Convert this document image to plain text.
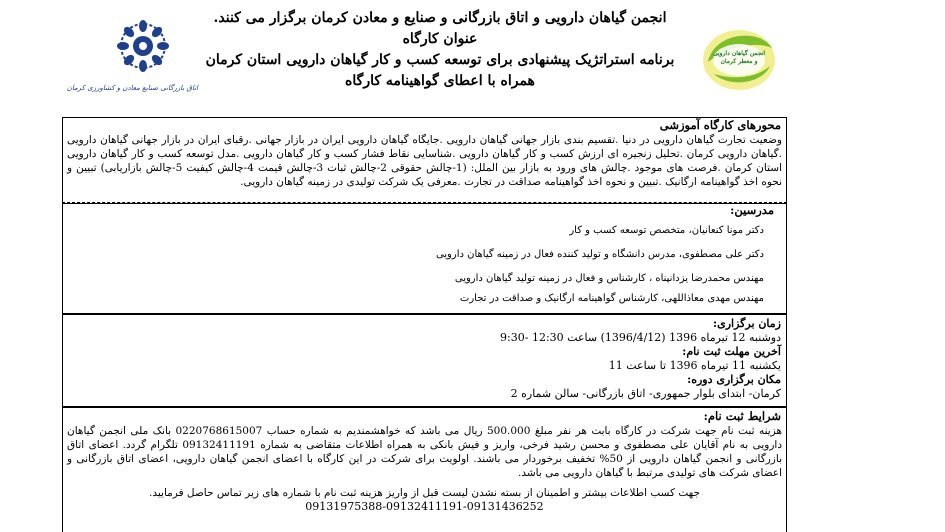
اتاق بازرگانی صنایع معادن و کشاورزی کرمان
انجمن گیاهان دارویی و اتاق بازرگانی و صنایع و معادن کرمان برگزار می کنند.
عنوان کارگاه
برنامه استراتژیک پیشنهادی برای توسعه کسب و کار گیاهان دارویی استان کرمان
همراه با اعطای گواهینامه کارگاه
انجمن گیاهان دارویی و معطر کرمان
محورهای کارگاه آموزشی
وضعیت تجارت گیاهان دارویی در دنیا .تقسیم بندی بازار جهانی گیاهان دارویی .جایگاه گیاهان دارویی ایران در بازار جهانی .رقبای ایران در بازار جهانی گیاهان دارویی .گیاهان دارویی کرمان .تحلیل زنجیره ای ارزش کسب و کار گیاهان دارویی .شناسایی نقاط فشار کسب و کار گیاهان دارویی .مدل توسعه کسب و کار گیاهان دارویی استان کرمان .فرصت های موجود .چالش های ورود به بازار بین الملل: (1-چالش حقوقی 2-چالش ثبات 3-چالش قیمت 4-چالش کیفیت 5-چالش بازاریابی) تبیین و نحوه اخذ گواهینامه ارگانیک .تبیین و نحوه اخذ گواهینامه صداقت در تجارت .معرفی یک شرکت تولیدی در زمینه گیاهان دارویی.
مدرسین:
دکتر مونا کنعانیان، متخصص توسعه کسب و کار
دکتر علی مصطفوی، مدرس دانشگاه و تولید کننده فعال در زمینه گیاهان دارویی
مهندس محمدرضا یزدانپناه ، کارشناس و فعال در زمینه تولید گیاهان دارویی
مهندس مهدی معاذاللهی، کارشناس گواهینامه ارگانیک و صداقت در تجارت
زمان برگزاری:
دوشنبه 12 تیرماه 1396 (1396/4/12) ساعت 12:30 -9:30
آخرین مهلت ثبت نام:
یکشنبه 11 تیرماه 1396 تا ساعت 11
مکان برگزاری دوره:
کرمان- ابتدای بلوار جمهوری- اتاق بازرگانی- سالن شماره 2
شرایط ثبت نام:
هزینه ثبت نام جهت شرکت در کارگاه بابت هر نفر مبلغ 500.000 ریال می باشد که خواهشمندیم به شماره حساب 0220768615007 بانک ملی انجمن گیاهان دارویی به نام آقایان علی مصطفوی و محسن رشید فرخی، واریز و فیش بانکی به همراه اطلاعات متقاضی به شماره 09132411191 تلگرام گردد. اعضای اتاق بازرگانی و انجمن گیاهان دارویی از 50% تخفیف برخوردار می باشند. اولویت برای شرکت در این کارگاه با اعضای انجمن گیاهان دارویی، اعضای اتاق بازرگانی و اعضای شرکت های تولیدی مرتبط با گیاهان دارویی می باشد.
جهت کسب اطلاعات بیشتر و اطمینان از بسته نشدن لیست قبل از واریز هزینه ثبت نام با شماره های زیر تماس حاصل فرمایید.
09131975388-09132411191-09131436252
